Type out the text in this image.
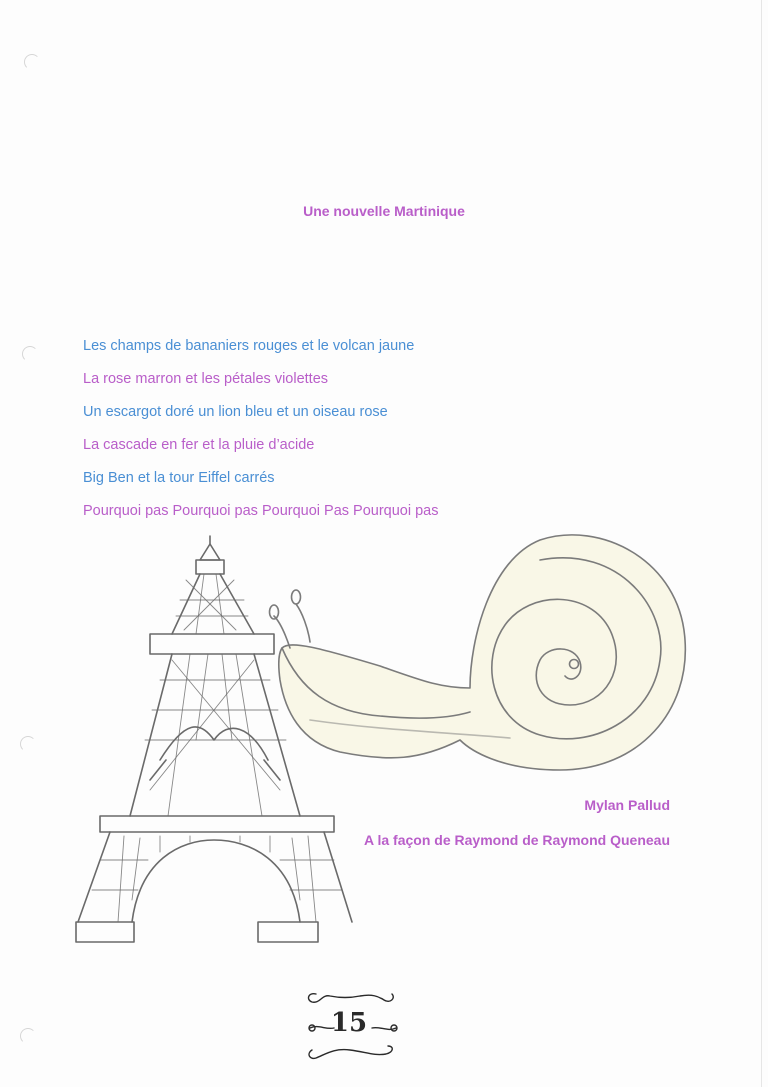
Une nouvelle Martinique
Les champs de bananiers rouges et le volcan jaune
La rose marron et les pétales violettes
Un escargot doré un lion bleu et un oiseau rose
La cascade en fer et la pluie d’acide
Big Ben et la tour Eiffel carrés
Pourquoi pas Pourquoi pas Pourquoi Pas Pourquoi pas
Mylan Pallud
A la façon de Raymond de Raymond Queneau
15
